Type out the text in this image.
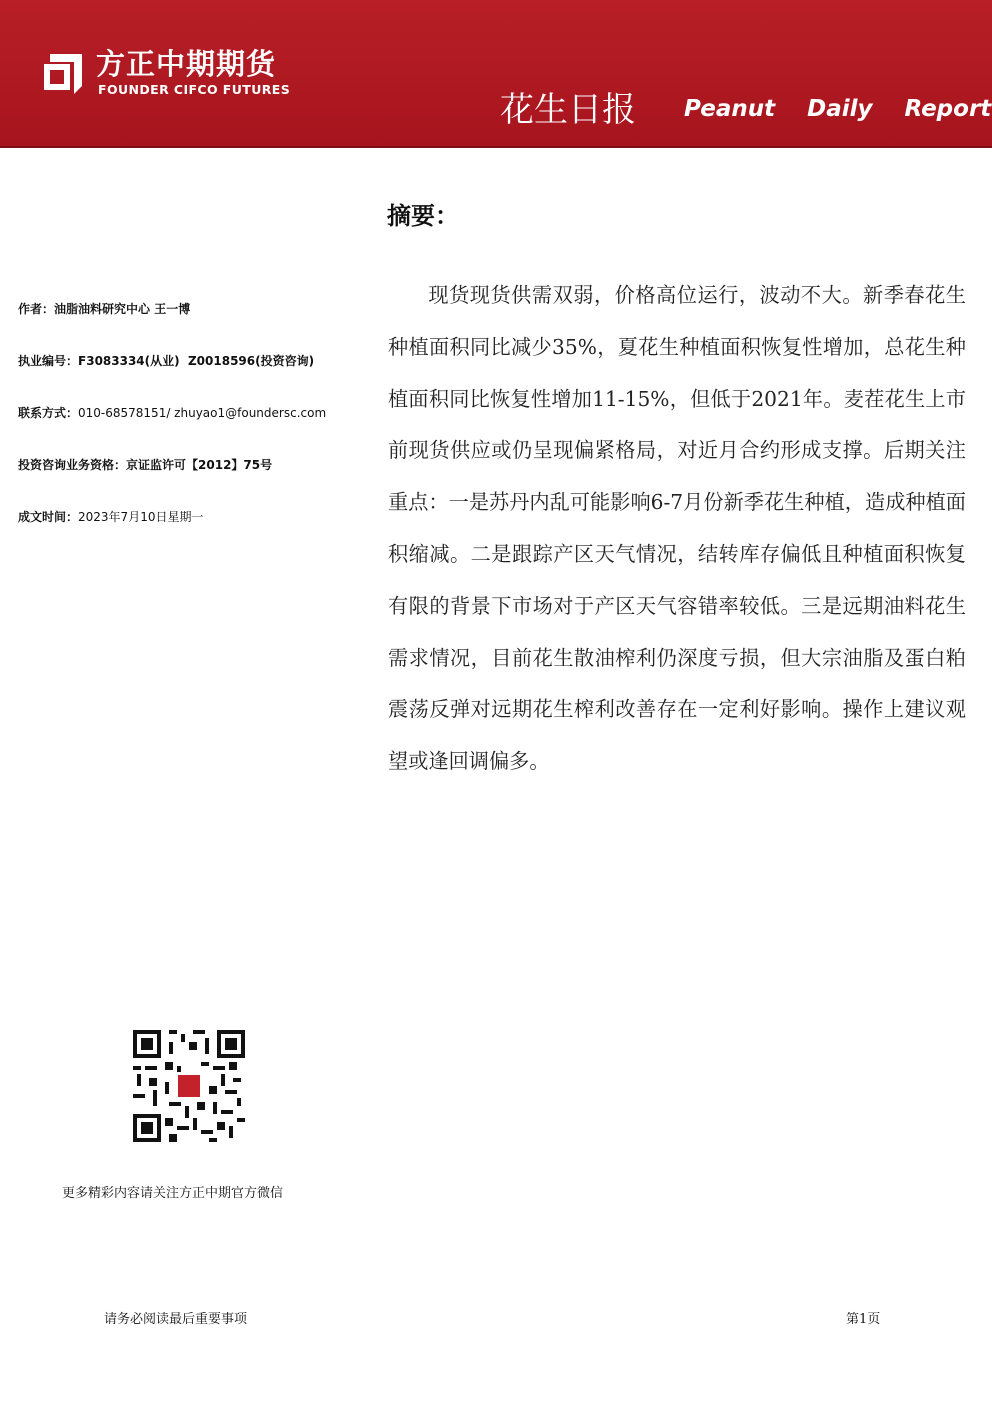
方正中期期货
FOUNDER CIFCO FUTURES
花生日报 Peanut Daily Report
作者：油脂油料研究中心 王一博
执业编号：F3083334(从业)  Z0018596(投资咨询)
联系方式：010-68578151/ zhuyao1@foundersc.com
投资咨询业务资格：京证监许可【2012】75号
成文时间：2023年7月10日星期一
摘要：

现货现货供需双弱，价格高位运行，波动不大。新季春花生种植面积同比减少35%，夏花生种植面积恢复性增加，总花生种植面积同比恢复性增加11-15%，但低于2021年。麦茬花生上市前现货供应或仍呈现偏紧格局，对近月合约形成支撑。后期关注重点：一是苏丹内乱可能影响6-7月份新季花生种植，造成种植面积缩减。二是跟踪产区天气情况，结转库存偏低且种植面积恢复有限的背景下市场对于产区天气容错率较低。三是远期油料花生需求情况，目前花生散油榨利仍深度亏损，但大宗油脂及蛋白粕震荡反弹对远期花生榨利改善存在一定利好影响。操作上建议观望或逢回调偏多。

更多精彩内容请关注方正中期官方微信
请务必阅读最后重要事项	第1页
